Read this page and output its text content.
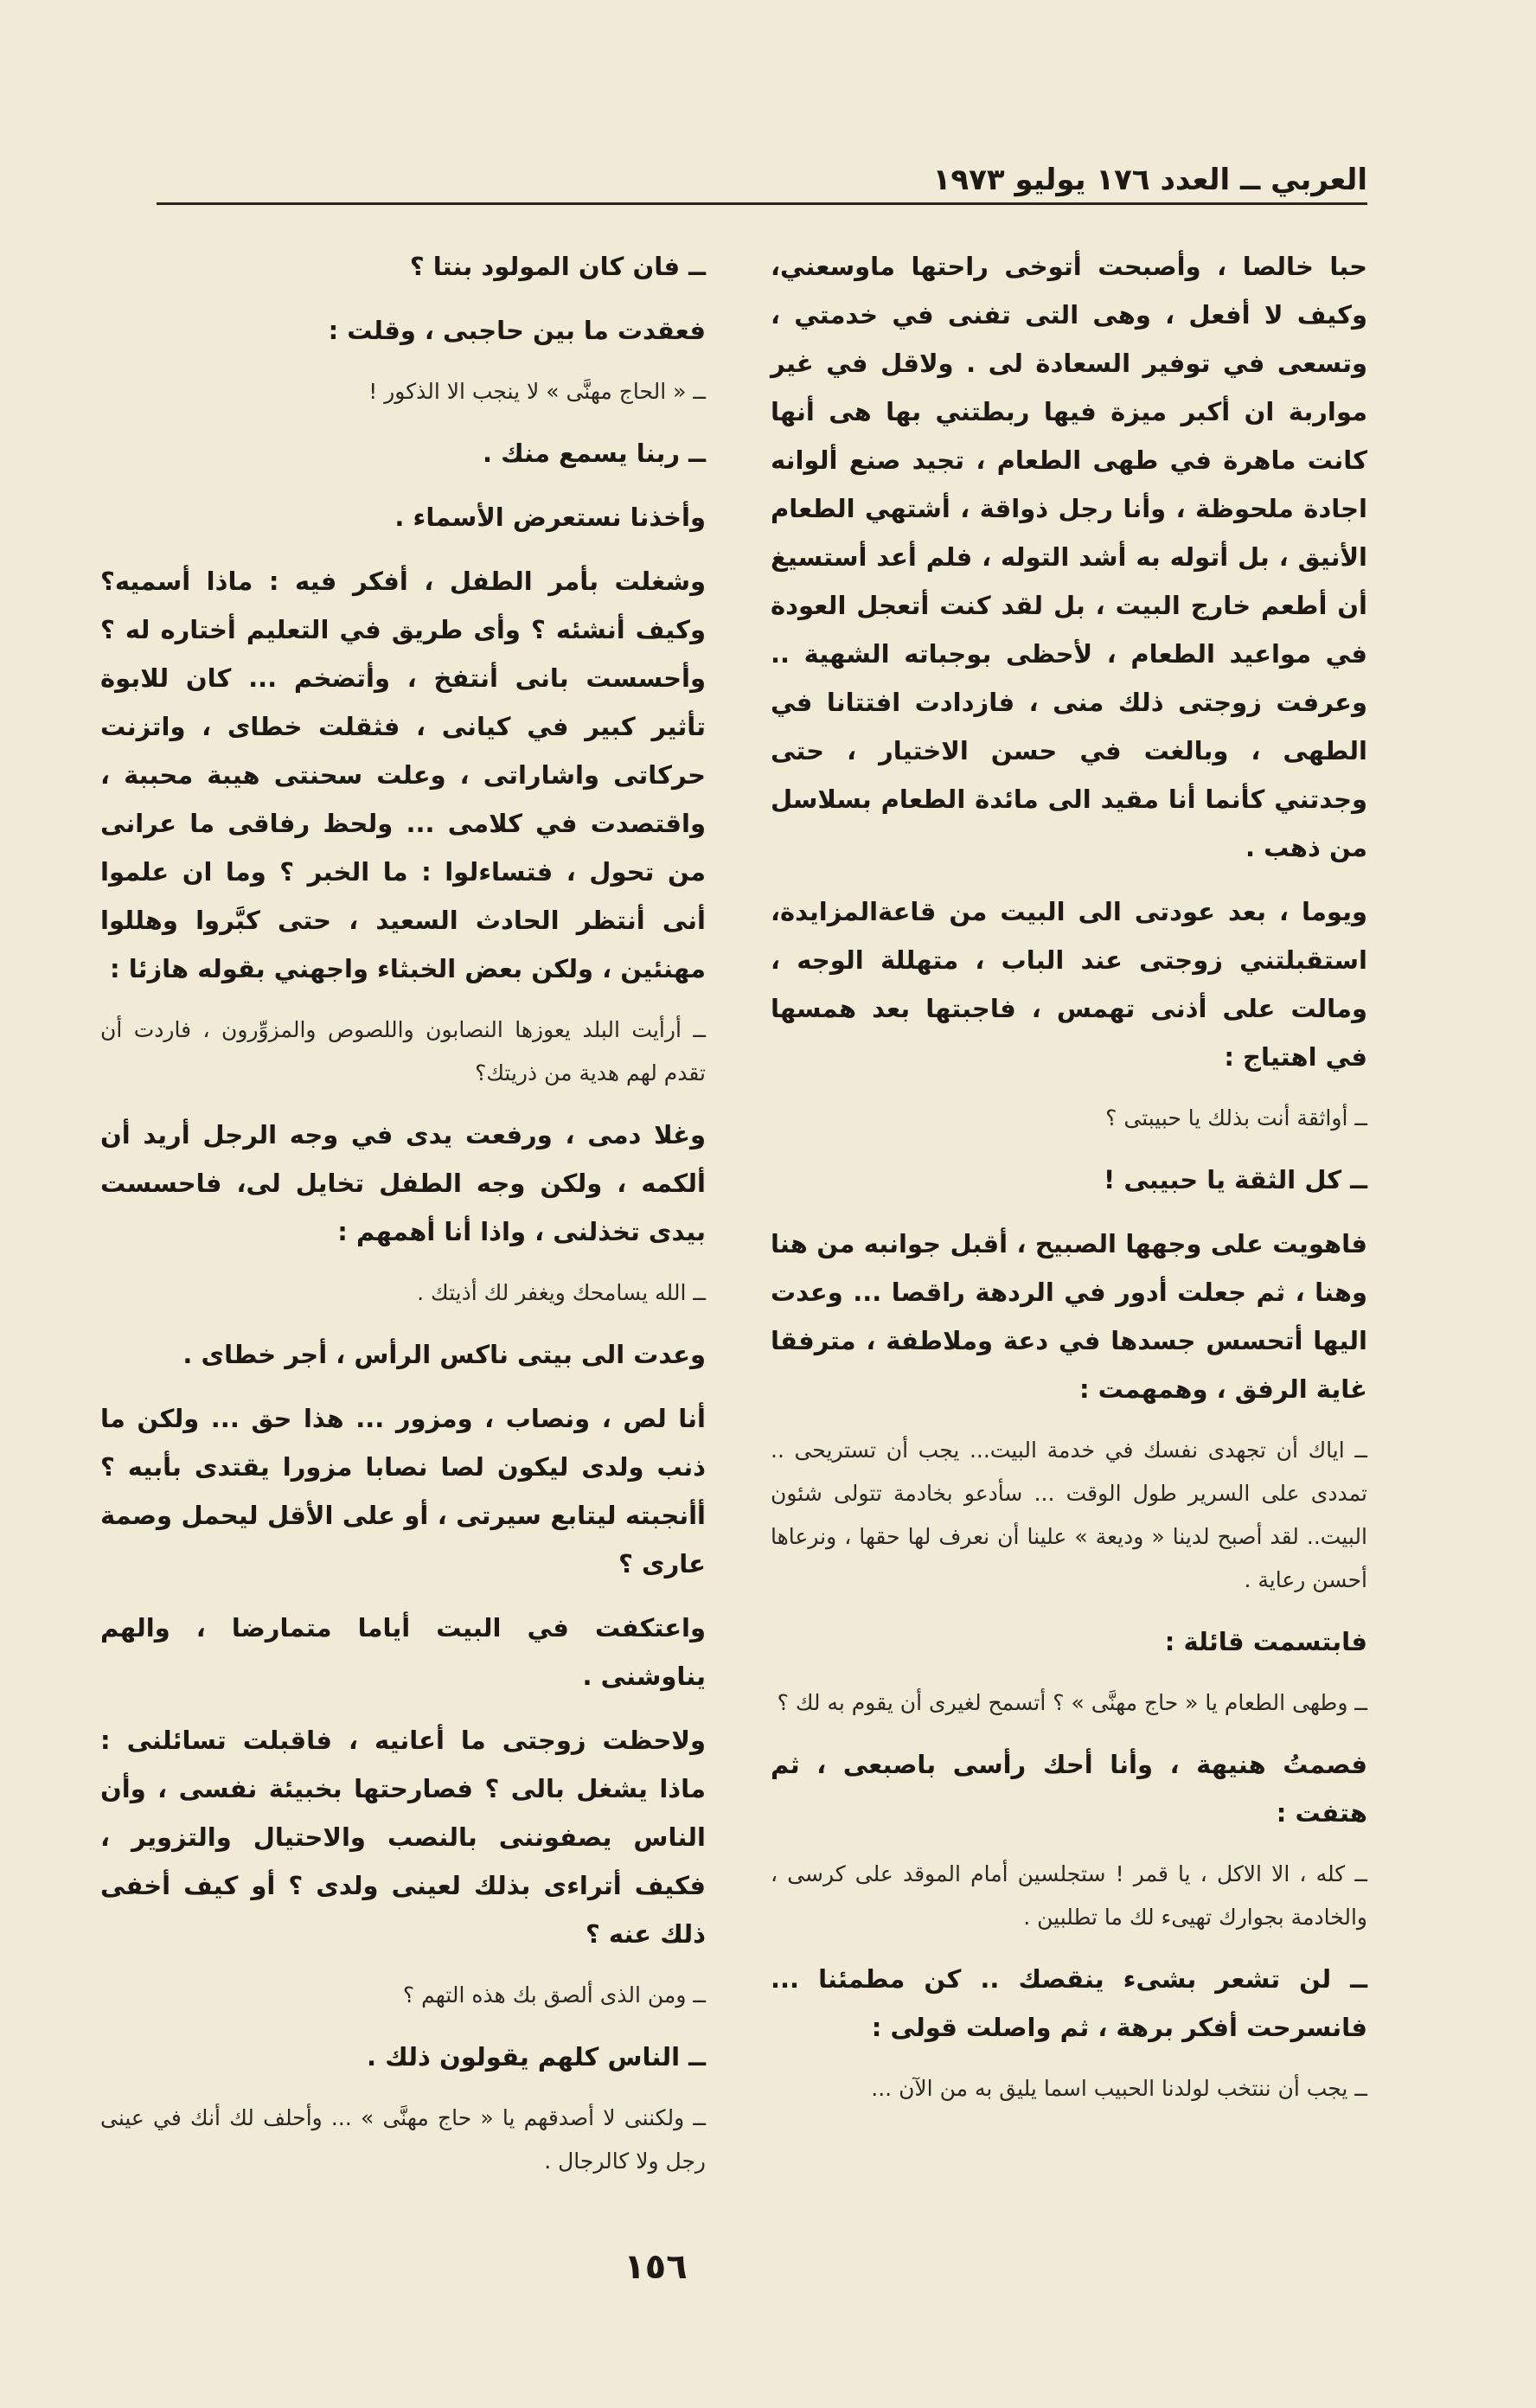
العربي ــ العدد ١٧٦ يوليو ١٩٧٣

حبا خالصا ، وأصبحت أتوخى راحتها ماوسعني، وكيف لا أفعل ، وهى التى تفنى في خدمتي ، وتسعى في توفير السعادة لى . ولاقل في غير مواربة ان أكبر ميزة فيها ربطتني بها هى أنها كانت ماهرة في طهى الطعام ، تجيد صنع ألوانه اجادة ملحوظة ، وأنا رجل ذواقة ، أشتهي الطعام الأنيق ، بل أتوله به أشد التوله ، فلم أعد أستسيغ أن أطعم خارج البيت ، بل لقد كنت أتعجل العودة في مواعيد الطعام ، لأحظى بوجباته الشهية .. وعرفت زوجتى ذلك منى ، فازدادت افتتانا في الطهى ، وبالغت في حسن الاختيار ، حتى وجدتني كأنما أنا مقيد الى مائدة الطعام بسلاسل من ذهب .

ويوما ، بعد عودتى الى البيت من قاعةالمزايدة، استقبلتني زوجتى عند الباب ، متهللة الوجه ، ومالت على أذنى تهمس ، فاجبتها بعد همسها في اهتياج :

ــ أواثقة أنت بذلك يا حبيبتى ؟

ــ كل الثقة يا حبيبى !

فاهويت على وجهها الصبيح ، أقبل جوانبه من هنا وهنا ، ثم جعلت أدور في الردهة راقصا ... وعدت اليها أتحسس جسدها في دعة وملاطفة ، مترفقا غاية الرفق ، وهمهمت :

ــ اياك أن تجهدى نفسك في خدمة البيت... يجب أن تستريحى .. تمددى على السرير طول الوقت ... سأدعو بخادمة تتولى شئون البيت.. لقد أصبح لدينا « وديعة » علينا أن نعرف لها حقها ، ونرعاها أحسن رعاية .

فابتسمت قائلة :

ــ وطهى الطعام يا « حاج مهنَّى » ؟ أتسمح لغيرى أن يقوم به لك ؟

فصمتُ هنيهة ، وأنا أحك رأسى باصبعى ، ثم هتفت :

ــ كله ، الا الاكل ، يا قمر ! ستجلسين أمام الموقد على كرسى ، والخادمة بجوارك تهيىء لك ما تطلبين .

ــ لن تشعر بشىء ينقصك .. كن مطمئنا ... فانسرحت أفكر برهة ، ثم واصلت قولى :

ــ يجب أن ننتخب لولدنا الحبيب اسما يليق به من الآن ...

ــ فان كان المولود بنتا ؟

فعقدت ما بين حاجبى ، وقلت :

ــ « الحاج مهنَّى » لا ينجب الا الذكور !

ــ ربنا يسمع منك .

وأخذنا نستعرض الأسماء .

وشغلت بأمر الطفل ، أفكر فيه : ماذا أسميه؟ وكيف أنشئه ؟ وأى طريق في التعليم أختاره له ؟ وأحسست بانى أنتفخ ، وأتضخم ... كان للابوة تأثير كبير في كيانى ، فثقلت خطاى ، واتزنت حركاتى واشاراتى ، وعلت سحنتى هيبة محببة ، واقتصدت في كلامى ... ولحظ رفاقى ما عرانى من تحول ، فتساءلوا : ما الخبر ؟ وما ان علموا أنى أنتظر الحادث السعيد ، حتى كبَّروا وهللوا مهنئين ، ولكن بعض الخبثاء واجهني بقوله هازئا :

ــ أرأيت البلد يعوزها النصابون واللصوص والمزوِّرون ، فاردت أن تقدم لهم هدية من ذريتك؟

وغلا دمى ، ورفعت يدى في وجه الرجل أريد أن ألكمه ، ولكن وجه الطفل تخايل لى، فاحسست بيدى تخذلنى ، واذا أنا أهمهم :

ــ الله يسامحك ويغفر لك أذيتك .

وعدت الى بيتى ناكس الرأس ، أجر خطاى .

أنا لص ، ونصاب ، ومزور ... هذا حق ... ولكن ما ذنب ولدى ليكون لصا نصابا مزورا يقتدى بأبيه ؟ أأنجبته ليتابع سيرتى ، أو على الأقل ليحمل وصمة عارى ؟

واعتكفت في البيت أياما متمارضا ، والهم يناوشنى .

ولاحظت زوجتى ما أعانيه ، فاقبلت تسائلنى : ماذا يشغل بالى ؟ فصارحتها بخبيئة نفسى ، وأن الناس يصفوننى بالنصب والاحتيال والتزوير ، فكيف أتراءى بذلك لعينى ولدى ؟ أو كيف أخفى ذلك عنه ؟

ــ ومن الذى ألصق بك هذه التهم ؟

ــ الناس كلهم يقولون ذلك .

ــ ولكننى لا أصدقهم يا « حاج مهنَّى » ... وأحلف لك أنك في عينى رجل ولا كالرجال .

١٥٦
